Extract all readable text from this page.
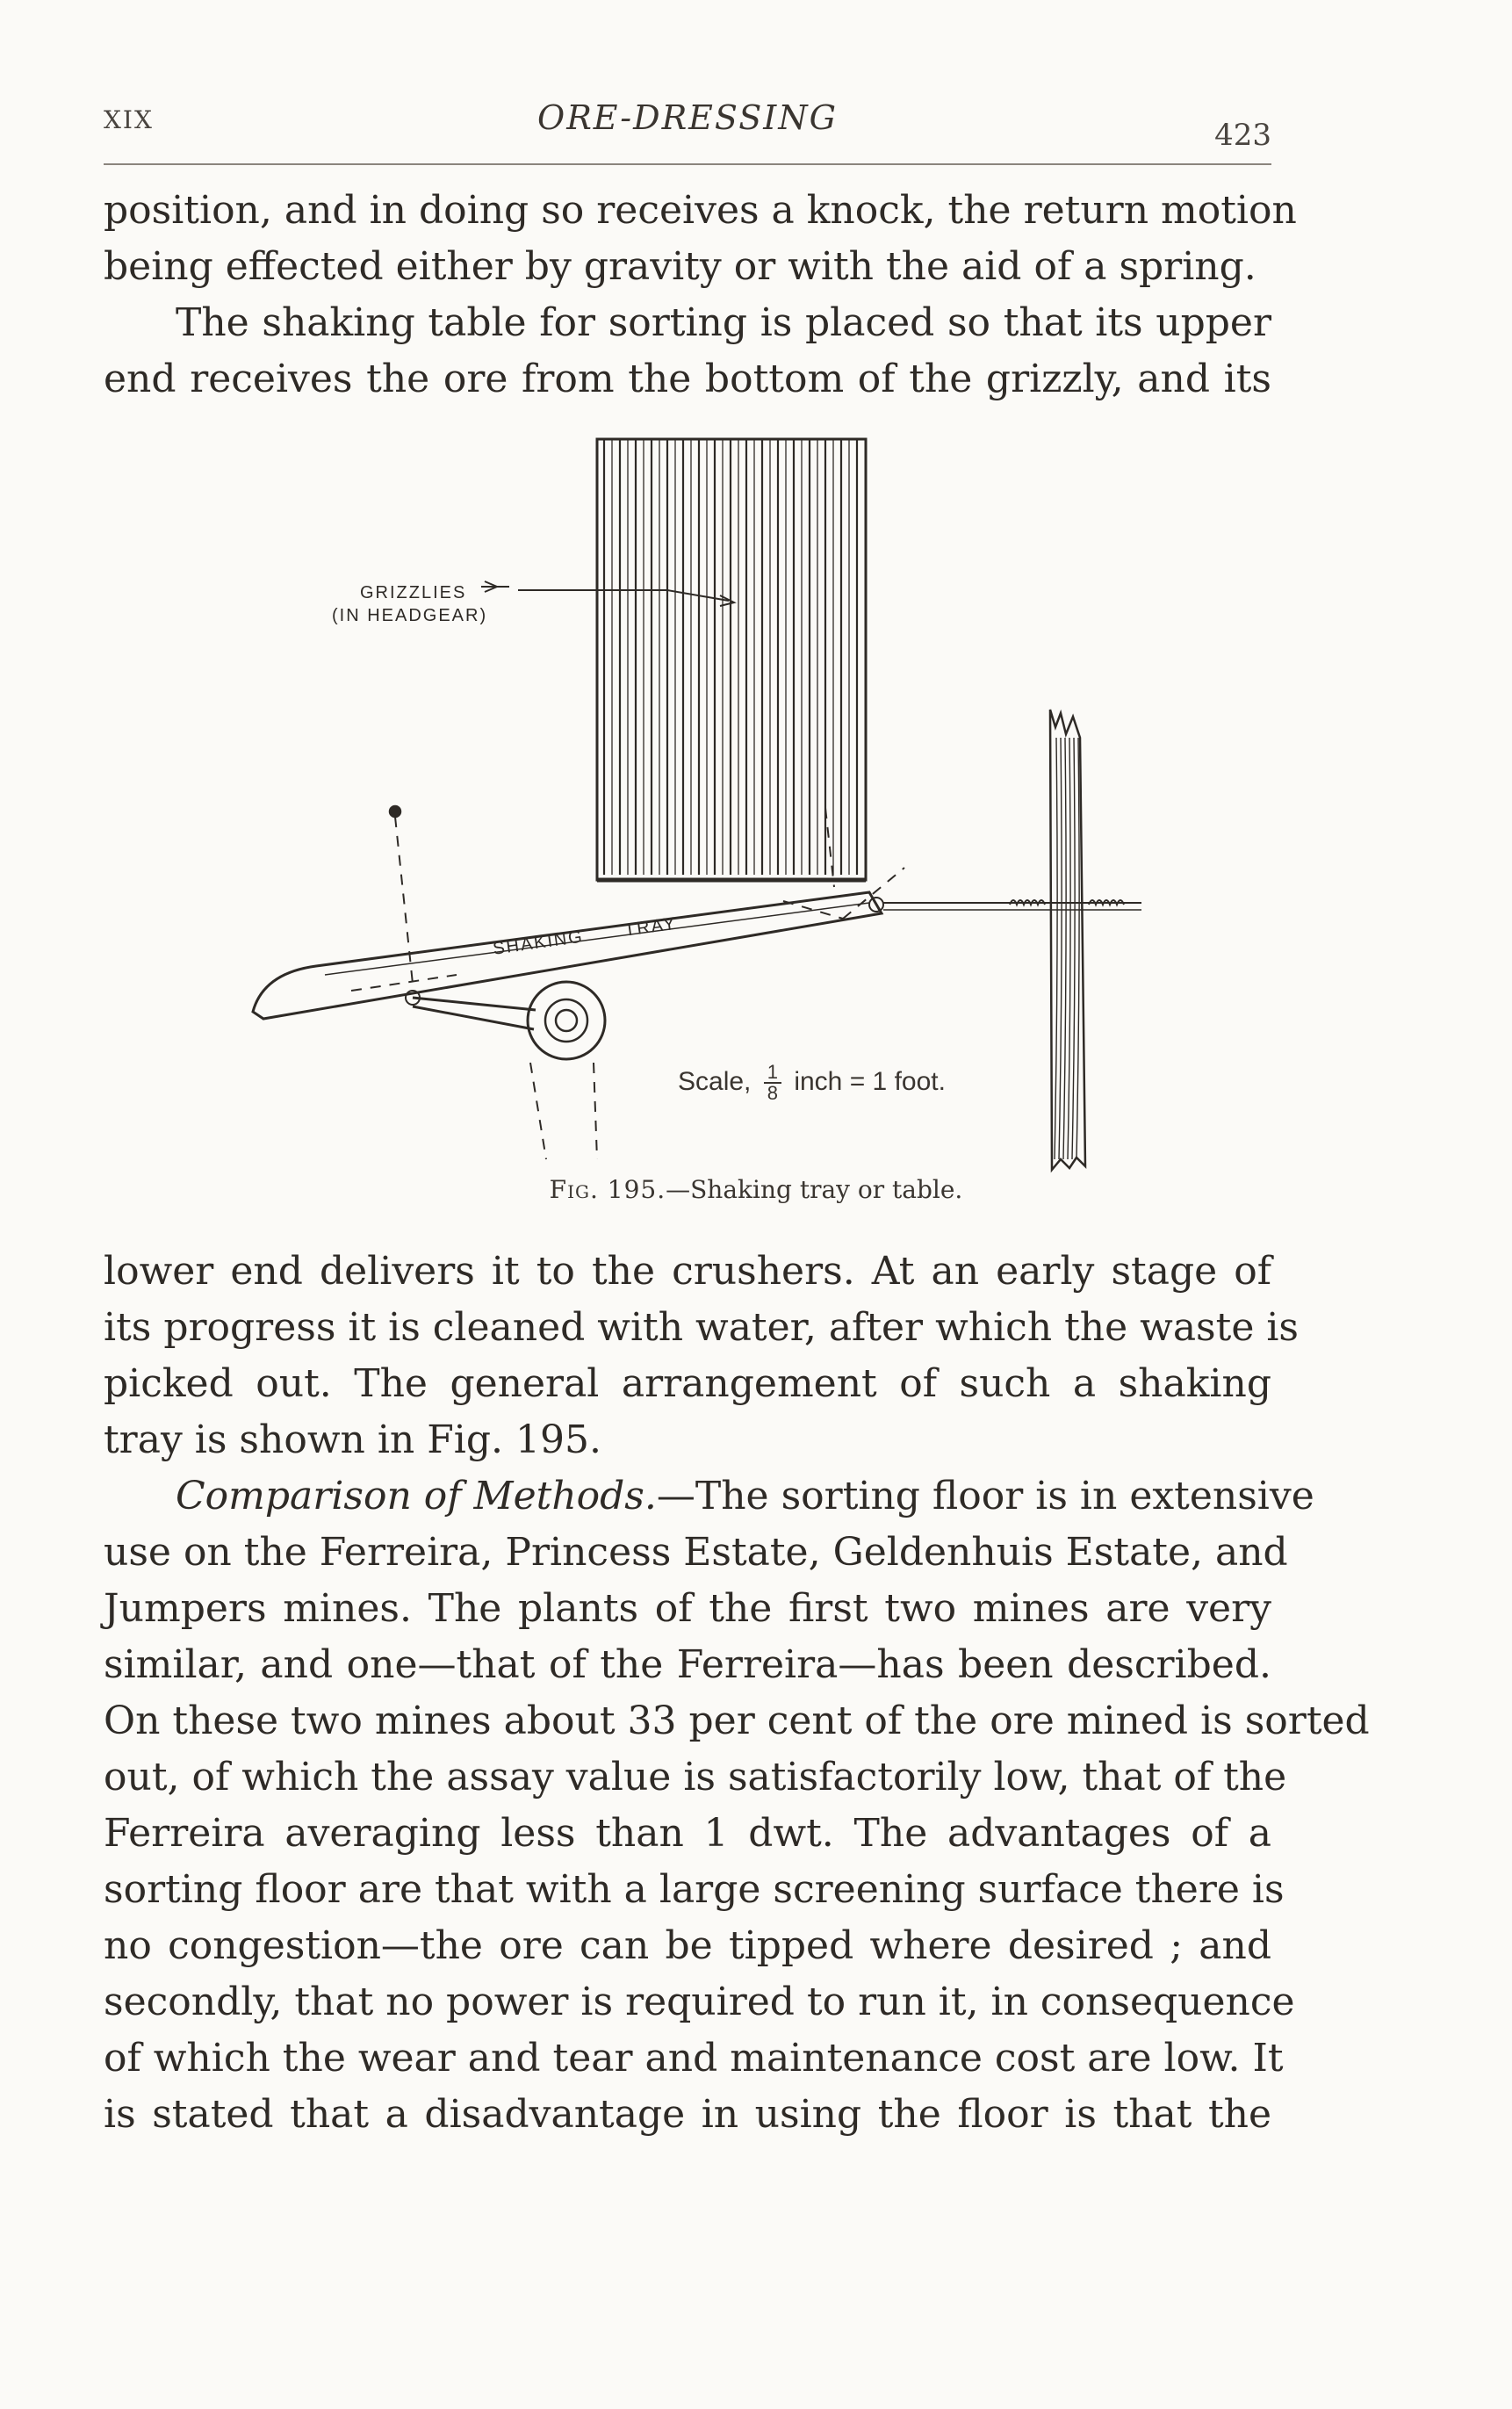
XIX	ORE-DRESSING	423
position, and in doing so receives a knock, the return motion
being effected either by gravity or with the aid of a spring.
The shaking table for sorting is placed so that its upper
end receives the ore from the bottom of the grizzly, and its
GRIZZLIES
(IN HEADGEAR)
SHAKING TRAY
Scale, $\frac{1}{8}$ inch = 1 foot.
Fig. 195.—Shaking tray or table.
lower end delivers it to the crushers. At an early stage of
its progress it is cleaned with water, after which the waste is
picked out. The general arrangement of such a shaking
tray is shown in Fig. 195.
Comparison of Methods.—The sorting floor is in extensive
use on the Ferreira, Princess Estate, Geldenhuis Estate, and
Jumpers mines. The plants of the first two mines are very
similar, and one—that of the Ferreira—has been described.
On these two mines about 33 per cent of the ore mined is sorted
out, of which the assay value is satisfactorily low, that of the
Ferreira averaging less than 1 dwt. The advantages of a
sorting floor are that with a large screening surface there is
no congestion—the ore can be tipped where desired ; and
secondly, that no power is required to run it, in consequence
of which the wear and tear and maintenance cost are low. It
is stated that a disadvantage in using the floor is that the
